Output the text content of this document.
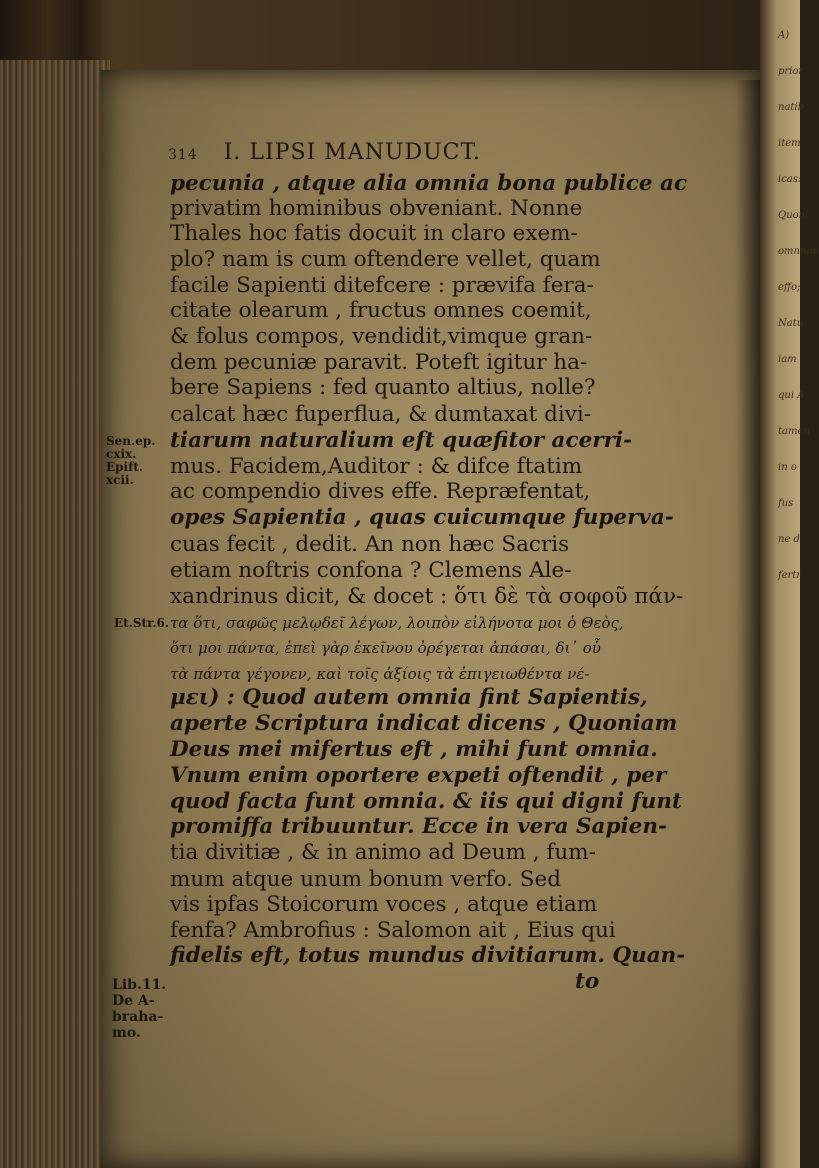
A)
prior
natib
item
icas:
Quoni
omnium
effo;
Natu
iam
qui A
tamen
in o
fus
ne d
fertr
314 I. LIPSI MANUDUCT.
pecunia , atque alia omnia bona publice ac
privatim hominibus obveniant. Nonne
Thales hoc fatis docuit in claro exem-
plo? nam is cum oftendere vellet, quam
facile Sapienti ditefcere : prævifa fera-
citate olearum , fructus omnes coemit,
& folus compos, vendidit,vimque gran-
dem pecuniæ paravit. Poteft igitur ha-
bere Sapiens : fed quanto altius, nolle?
calcat hæc fuperflua, & dumtaxat divi-
tiarum naturalium eft quæfitor acerri-
mus. Facidem,Auditor : & difce ftatim
ac compendio dives effe. Repræfentat,
opes Sapientia , quas cuicumque fuperva-
cuas fecit , dedit. An non hæc Sacris
etiam noftris confona ? Clemens Ale-
xandrinus dicit, & docet : ὅτι δὲ τὰ σοφοῦ πάν-
τα ὅτι, σαφῶς μελῳδεῖ λέγων, λοιπὸν εἰλήνοτα μοι ὁ Θεὸς,
ὅτι μοι πάντα, ἐπεὶ γὰρ ἐκεῖνου ὀρέγεται ἀπάσαι, δι᾽ οὗ
τὰ πάντα γέγονεν, καὶ τοῖς ἀξίοις τὰ ἐπιγειωθέντα νέ-
μει) : Quod autem omnia fint Sapientis,
aperte Scriptura indicat dicens , Quoniam
Deus mei mifertus eft , mihi funt omnia.
Vnum enim oportere expeti oftendit , per
quod facta funt omnia. & iis qui digni funt
promiffa tribuuntur. Ecce in vera Sapien-
tia divitiæ , & in animo ad Deum , fum-
mum atque unum bonum verfo. Sed
vis ipfas Stoicorum voces , atque etiam
fenfa? Ambrofius : Salomon ait , Eius qui
fidelis eft, totus mundus divitiarum. Quan-
to
Sen.ep.
cxix.
Epift.
xcii.
Et.Str.6.
Lib.11.
De A-
braha-
mo.
